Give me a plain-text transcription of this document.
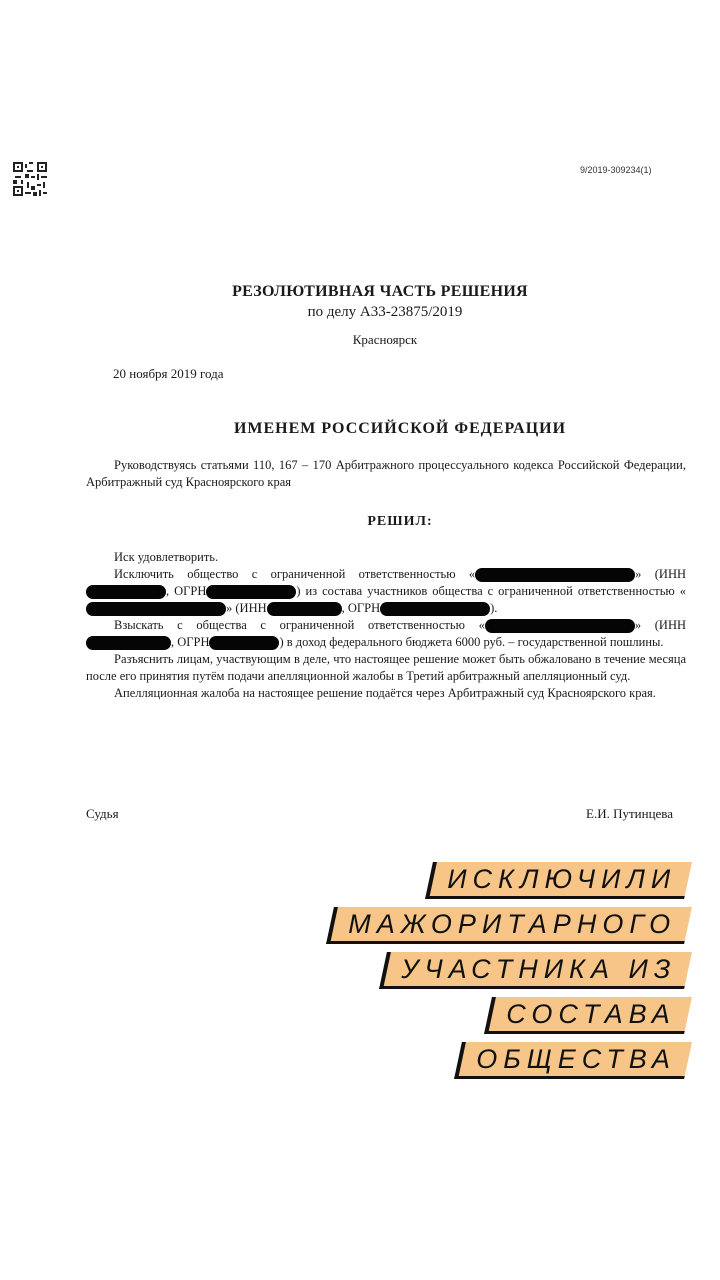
9/2019-309234(1)
РЕЗОЛЮТИВНАЯ ЧАСТЬ РЕШЕНИЯ
по делу А33-23875/2019
Красноярск
20 ноября 2019 года
ИМЕНЕМ РОССИЙСКОЙ ФЕДЕРАЦИИ

Руководствуясь статьями 110, 167 – 170 Арбитражного процессуального кодекса Российской Федерации, Арбитражный суд Красноярского края

РЕШИЛ:

Иск удовлетворить.

Исключить общество с ограниченной ответственностью «	» (ИНН, ОГРН	) из состава участников общества с ограниченной ответственностью «» (ИНН	, ОГРН	).

Взыскать с общества с ограниченной ответственностью «	» (ИНН, ОГРН	) в доход федерального бюджета 6000 руб. – государственной пошлины.

Разъяснить лицам, участвующим в деле, что настоящее решение может быть обжаловано в течение месяца после его принятия путём подачи апелляционной жалобы в Третий арбитражный апелляционный суд.

Апелляционная жалоба на настоящее решение подаётся через Арбитражный суд Красноярского края.

Судья	Е.И. Путинцева
ИСКЛЮЧИЛИ
МАЖОРИТАРНОГО
УЧАСТНИКА ИЗ
СОСТАВА
ОБЩЕСТВА
